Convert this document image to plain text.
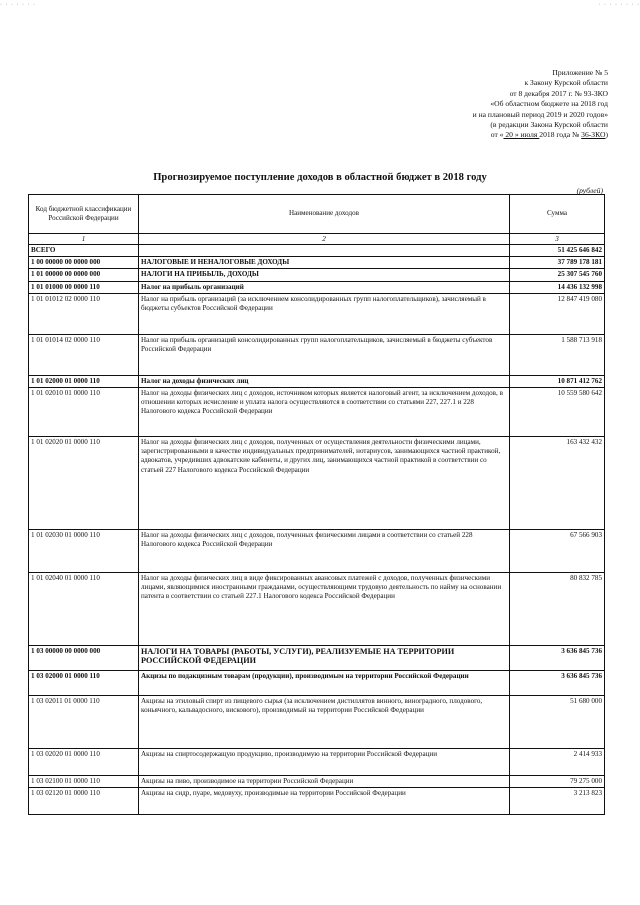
· · · · · · ·	· · · · · · · ·
Приложение № 5
к Закону Курской области
от 8 декабря 2017 г. № 93-ЗКО
«Об областном бюджете на 2018 год
и на плановый период 2019 и 2020 годов»
(в редакции Закона Курской области
от « 20 » июля 2018 года № 36-ЗКО)
Прогнозируемое поступление доходов в областной бюджет в 2018 году
(рублей)
Код бюджетной классификации Российской Федерации	Наименование доходов	Сумма
1	2	3
ВСЕГО		51 425 646 842
1 00 00000 00 0000 000	НАЛОГОВЫЕ И НЕНАЛОГОВЫЕ ДОХОДЫ	37 789 178 181
1 01 00000 00 0000 000	НАЛОГИ НА ПРИБЫЛЬ, ДОХОДЫ	25 307 545 760
1 01 01000 00 0000 110	Налог на прибыль организаций	14 436 132 998
1 01 01012 02 0000 110	Налог на прибыль организаций (за исключением консолидированных групп налогоплательщиков), зачисляемый в бюджеты субъектов Российской Федерации	12 847 419 080
1 01 01014 02 0000 110	Налог на прибыль организаций консолидированных групп налогоплательщиков, зачисляемый в бюджеты субъектов Российской Федерации	1 588 713 918
1 01 02000 01 0000 110	Налог на доходы физических лиц	10 871 412 762
1 01 02010 01 0000 110	Налог на доходы физических лиц с доходов, источником которых является налоговый агент, за исключением доходов, в отношении которых исчисление и уплата налога осуществляются в соответствии со статьями 227, 227.1 и 228 Налогового кодекса Российской Федерации	10 559 580 642
1 01 02020 01 0000 110	Налог на доходы физических лиц с доходов, полученных от осуществления деятельности физическими лицами, зарегистрированными в качестве индивидуальных предпринимателей, нотариусов, занимающихся частной практикой, адвокатов, учредивших адвокатские кабинеты, и других лиц, занимающихся частной практикой в соответствии со статьей 227 Налогового кодекса Российской Федерации	163 432 432
1 01 02030 01 0000 110	Налог на доходы физических лиц с доходов, полученных физическими лицами в соответствии со статьей 228 Налогового кодекса Российской Федерации	67 566 903
1 01 02040 01 0000 110	Налог на доходы физических лиц в виде фиксированных авансовых платежей с доходов, полученных физическими лицами, являющимися иностранными гражданами, осуществляющими трудовую деятельность по найму на основании патента в соответствии со статьей 227.1 Налогового кодекса Российской Федерации	80 832 785
1 03 00000 00 0000 000	НАЛОГИ НА ТОВАРЫ (РАБОТЫ, УСЛУГИ), РЕАЛИЗУЕМЫЕ НА ТЕРРИТОРИИ РОССИЙСКОЙ ФЕДЕРАЦИИ	3 636 845 736
1 03 02000 01 0000 110	Акцизы по подакцизным товарам (продукции), производимым на территории Российской Федерации	3 636 845 736
1 03 02011 01 0000 110	Акцизы на этиловый спирт из пищевого сырья (за исключением дистиллятов винного, виноградного, плодового, коньячного, кальвадосного, вискового), производимый на территории Российской Федерации	51 680 000
1 03 02020 01 0000 110	Акцизы на спиртосодержащую продукцию, производимую на территории Российской Федерации	2 414 933
1 03 02100 01 0000 110	Акцизы на пиво, производимое на территории Российской Федерации	79 275 000
1 03 02120 01 0000 110	Акцизы на сидр, пуаре, медовуху, производимые на территории Российской Федерации	3 213 823
